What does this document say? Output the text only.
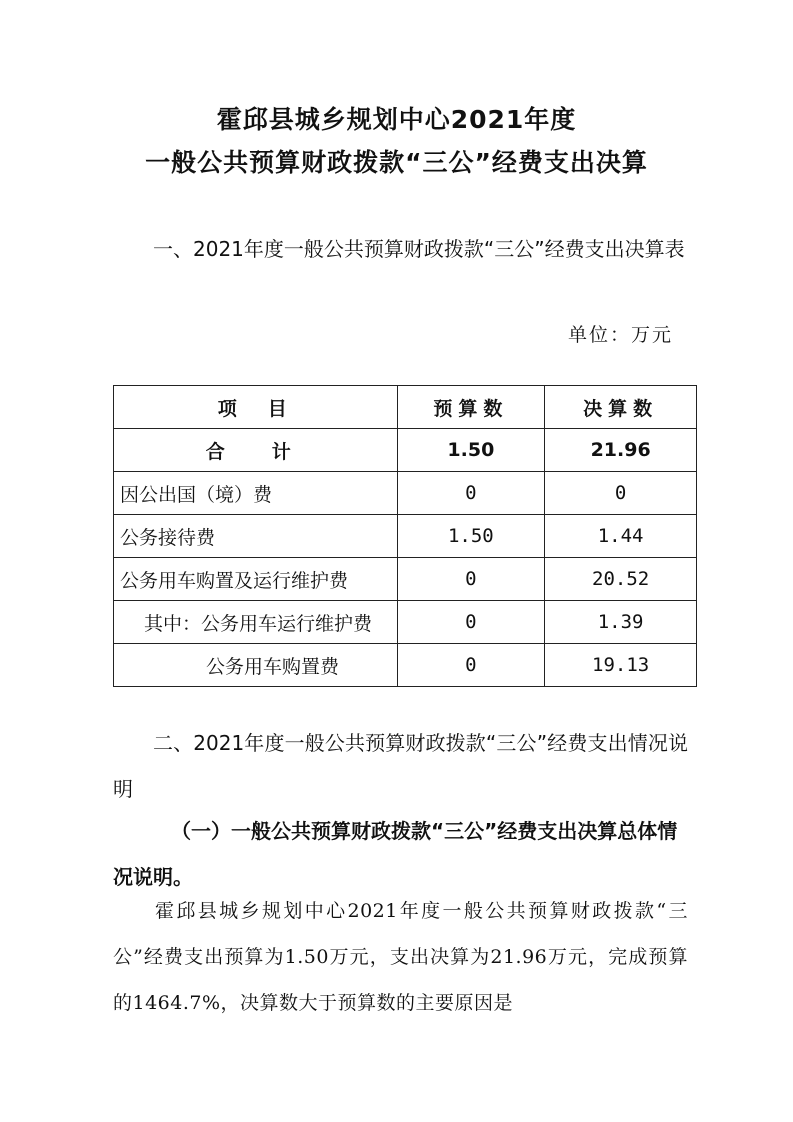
霍邱县城乡规划中心2021年度
一般公共预算财政拨款“三公”经费支出决算
一、2021年度一般公共预算财政拨款“三公”经费支出决算表
单位：万元
项　目	预算数	决算数
合　计	1.50	21.96
因公出国（境）费	0	0
公务接待费	1.50	1.44
公务用车购置及运行维护费	0	20.52
其中：公务用车运行维护费	0	1.39
公务用车购置费	0	19.13
二、2021年度一般公共预算财政拨款“三公”经费支出情况说明
（一）一般公共预算财政拨款“三公”经费支出决算总体情况说明。
霍邱县城乡规划中心2021年度一般公共预算财政拨款“三公”经费支出预算为1.50万元，支出决算为21.96万元，完成预算的1464.7%，决算数大于预算数的主要原因是
